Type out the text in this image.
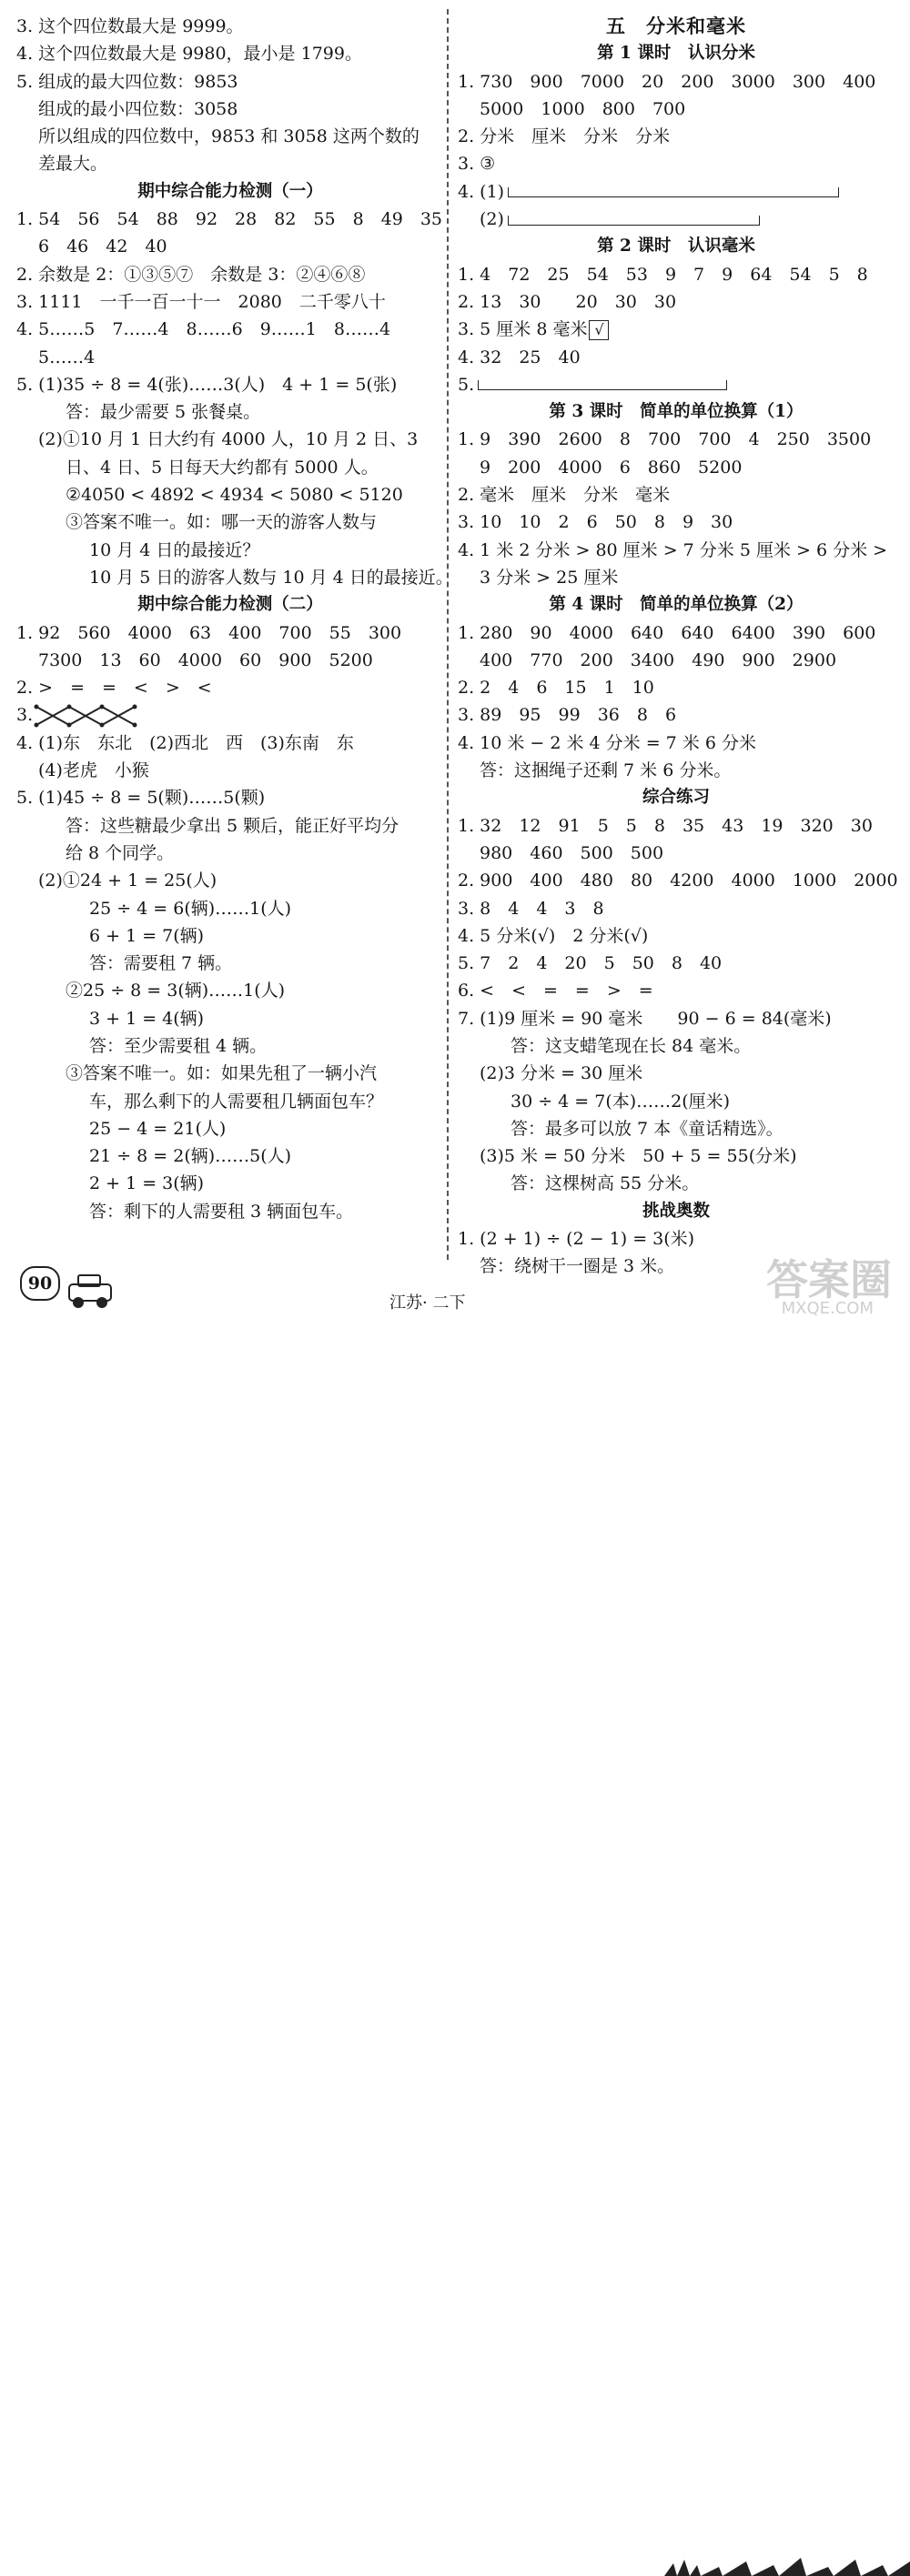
3. 这个四位数最大是 9999。
4. 这个四位数最大是 9980，最小是 1799。
5. 组成的最大四位数：9853
组成的最小四位数：3058
所以组成的四位数中，9853 和 3058 这两个数的
差最大。
期中综合能力检测（一）
1. 54　56　54　88　92　28　82　55　8　49　35
6　46　42　40
2. 余数是 2：①③⑤⑦　余数是 3：②④⑥⑧
3. 1111　一千一百一十一　2080　二千零八十
4. 5……5　7……4　8……6　9……1　8……4
5……4
5. (1)35 ÷ 8 = 4(张)……3(人)　4 + 1 = 5(张)
答：最少需要 5 张餐桌。
(2)①10 月 1 日大约有 4000 人，10 月 2 日、3
日、4 日、5 日每天大约都有 5000 人。
②4050 < 4892 < 4934 < 5080 < 5120
③答案不唯一。如：哪一天的游客人数与
10 月 4 日的最接近？
10 月 5 日的游客人数与 10 月 4 日的最接近。
期中综合能力检测（二）
1. 92　560　4000　63　400　700　55　300
7300　13　60　4000　60　900　5200
2. >　=　=　<　>　<
3.
4. (1)东　东北　(2)西北　西　(3)东南　东
(4)老虎　小猴
5. (1)45 ÷ 8 = 5(颗)……5(颗)
答：这些糖最少拿出 5 颗后，能正好平均分
给 8 个同学。
(2)①24 + 1 = 25(人)
25 ÷ 4 = 6(辆)……1(人)
6 + 1 = 7(辆)
答：需要租 7 辆。
②25 ÷ 8 = 3(辆)……1(人)
3 + 1 = 4(辆)
答：至少需要租 4 辆。
③答案不唯一。如：如果先租了一辆小汽
车，那么剩下的人需要租几辆面包车？
25 − 4 = 21(人)
21 ÷ 8 = 2(辆)……5(人)
2 + 1 = 3(辆)
答：剩下的人需要租 3 辆面包车。
五　分米和毫米
第 1 课时　认识分米
1. 730　900　7000　20　200　3000　300　400
5000　1000　800　700
2. 分米　厘米　分米　分米
3. ③
4. (1)
(2)
第 2 课时　认识毫米
1. 4　72　25　54　53　9　7　9　64　54　5　8
2. 13　30　　20　30　30
3. 5 厘米 8 毫米 √
4. 32　25　40
5.
第 3 课时　简单的单位换算（1）
1. 9　390　2600　8　700　700　4　250　3500
9　200　4000　6　860　5200
2. 毫米　厘米　分米　毫米
3. 10　10　2　6　50　8　9　30
4. 1 米 2 分米 > 80 厘米 > 7 分米 5 厘米 > 6 分米 >
3 分米 > 25 厘米
第 4 课时　简单的单位换算（2）
1. 280　90　4000　640　640　6400　390　600
400　770　200　3400　490　900　2900
2. 2　4　6　15　1　10
3. 89　95　99　36　8　6
4. 10 米 − 2 米 4 分米 = 7 米 6 分米
答：这捆绳子还剩 7 米 6 分米。
综合练习
1. 32　12　91　5　5　8　35　43　19　320　30
980　460　500　500
2. 900　400　480　80　4200　4000　1000　2000
3. 8　4　4　3　8
4. 5 分米(√)　2 分米(√)
5. 7　2　4　20　5　50　8　40
6. <　<　=　=　>　=
7. (1)9 厘米 = 90 毫米　　90 − 6 = 84(毫米)
答：这支蜡笔现在长 84 毫米。
(2)3 分米 = 30 厘米
30 ÷ 4 = 7(本)……2(厘米)
答：最多可以放 7 本《童话精选》。
(3)5 米 = 50 分米　50 + 5 = 55(分米)
答：这棵树高 55 分米。
挑战奥数
1. (2 + 1) ÷ (2 − 1) = 3(米)
答：绕树干一圈是 3 米。
90
江苏· 二下	答案圈
MXQE.COM
